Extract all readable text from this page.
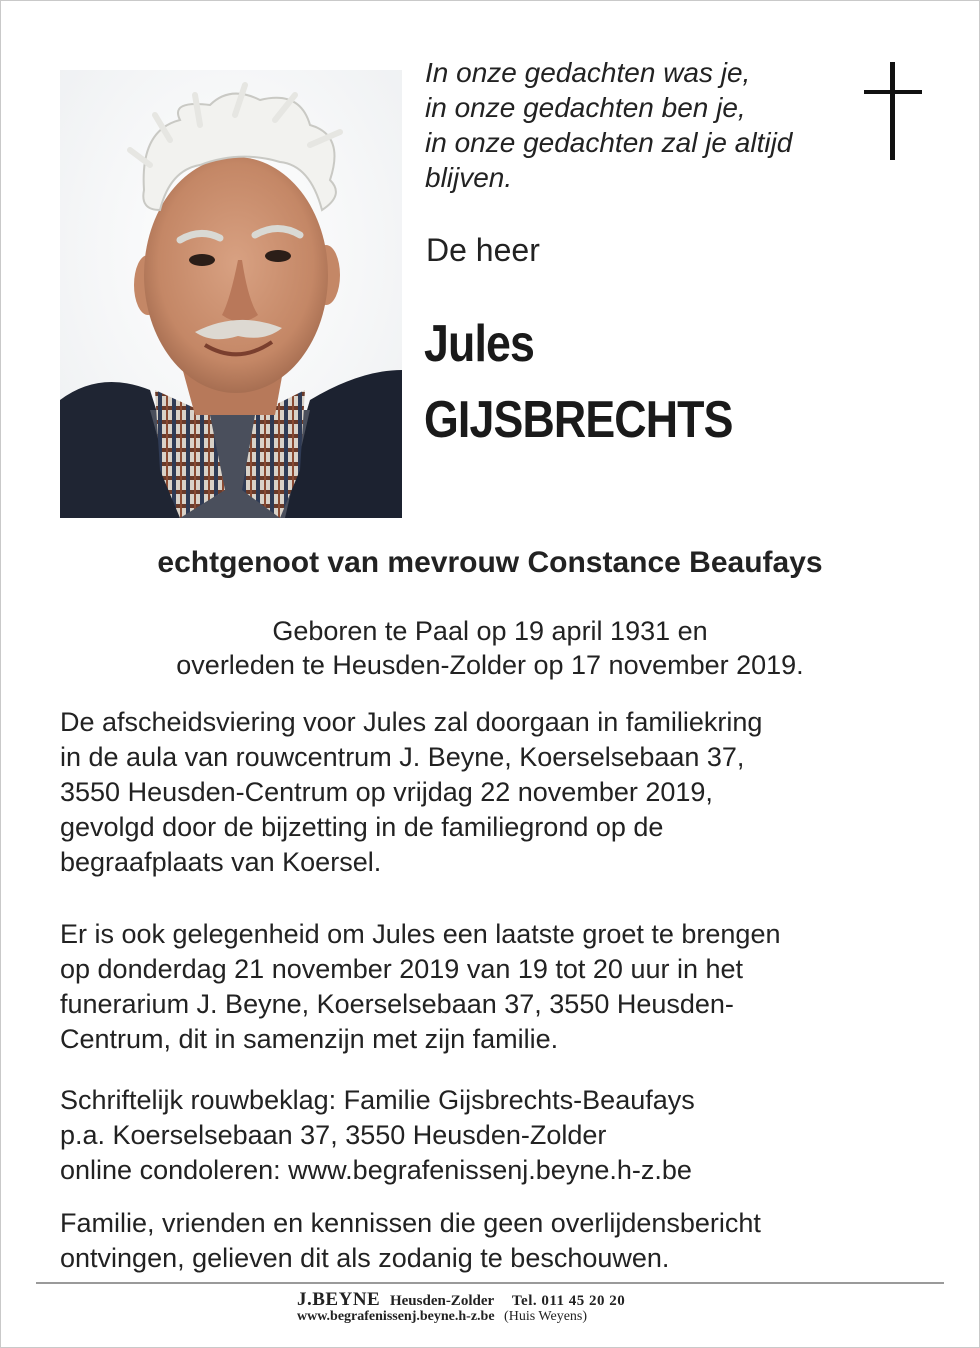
In onze gedachten was je,
in onze gedachten ben je,
in onze gedachten zal je altijd
blijven.
De heer
Jules
GIJSBRECHTS
echtgenoot van mevrouw Constance Beaufays
Geboren te Paal op 19 april 1931 en
overleden te Heusden-Zolder op 17 november 2019.
De afscheidsviering voor Jules zal doorgaan in familiekring
in de aula van rouwcentrum J. Beyne, Koerselsebaan 37,
3550 Heusden-Centrum op vrijdag 22 november 2019,
gevolgd door de bijzetting in de familiegrond op de
begraafplaats van Koersel.
Er is ook gelegenheid om Jules een laatste groet te brengen
op donderdag 21 november 2019 van 19 tot 20 uur in het
funerarium J. Beyne, Koerselsebaan 37, 3550 Heusden-
Centrum, dit in samenzijn met zijn familie.
Schriftelijk rouwbeklag: Familie Gijsbrechts-Beaufays
p.a. Koerselsebaan 37, 3550 Heusden-Zolder
online condoleren: www.begrafenissenj.beyne.h-z.be
Familie, vrienden en kennissen die geen overlijdensbericht
ontvingen, gelieven dit als zodanig te beschouwen.
J.BEYNE Heusden-Zolder Tel. 011 45 20 20
www.begrafenissenj.beyne.h-z.be (Huis Weyens)
